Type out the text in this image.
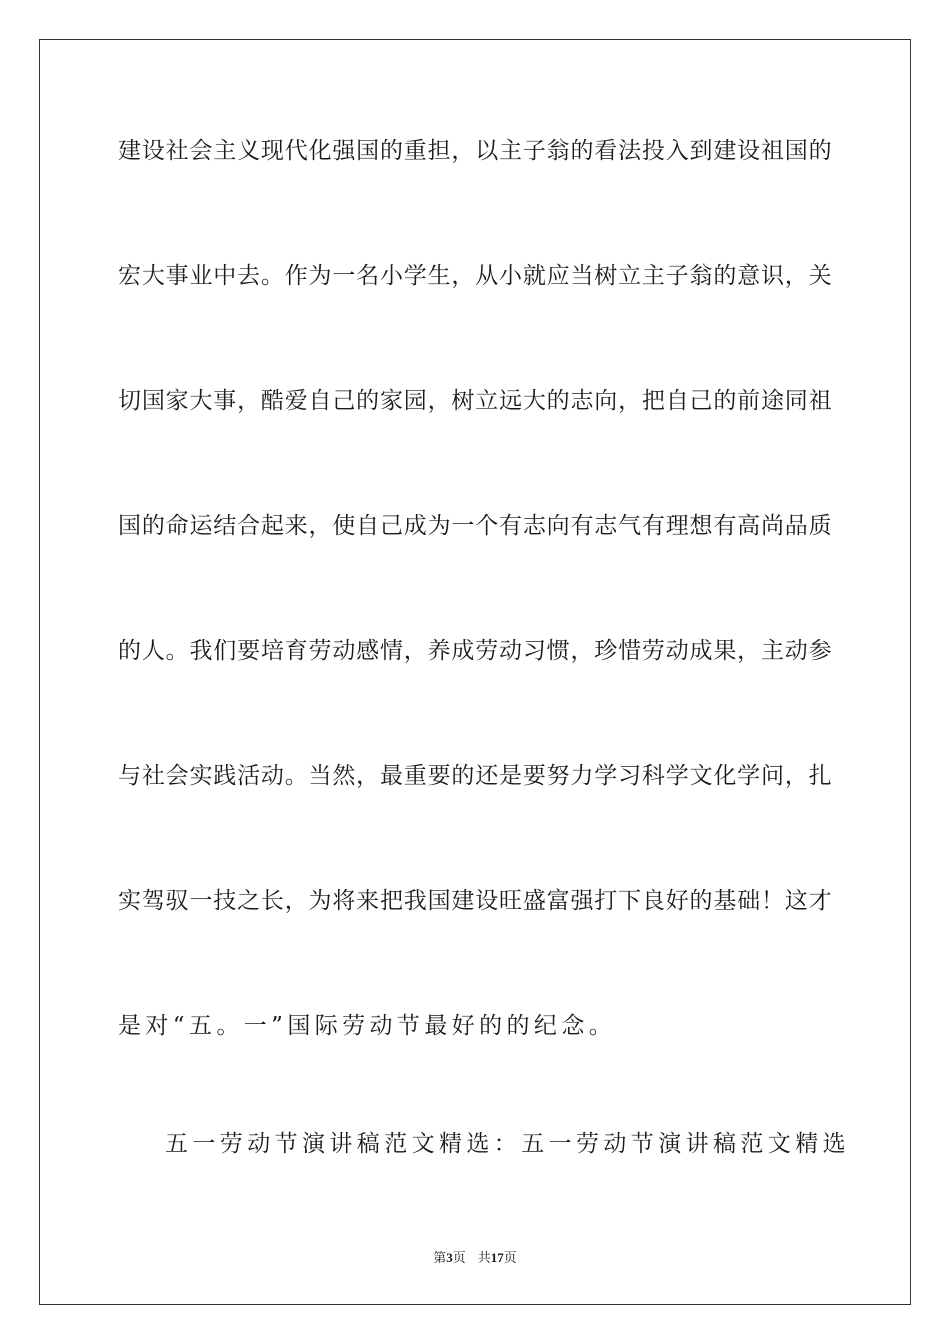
建 设 社 会 主 义 现 代 化 强 国 的 重 担 ， 以 主 子 翁 的 看 法 投 入 到 建 设 祖 国 的
宏 大 事 业 中 去 。 作 为 一 名 小 学 生 ， 从 小 就 应 当 树 立 主 子 翁 的 意 识 ， 关
切 国 家 大 事 ， 酷 爱 自 己 的 家 园 ， 树 立 远 大 的 志 向 ， 把 自 己 的 前 途 同 祖
国 的 命 运 结 合 起 来 ， 使 自 己 成 为 一 个 有 志 向 有 志 气 有 理 想 有 高 尚 品 质
的 人 。 我 们 要 培 育 劳 动 感 情 ， 养 成 劳 动 习 惯 ， 珍 惜 劳 动 成 果 ， 主 动 参
与 社 会 实 践 活 动 。 当 然 ， 最 重 要 的 还 是 要 努 力 学 习 科 学 文 化 学 问 ， 扎
实 驾 驭 一 技 之 长 ， 为 将 来 把 我 国 建 设 旺 盛 富 强 打 下 良 好 的 基 础 ！ 这 才
是对“五。一”国际劳动节最好的的纪念。
五一劳动节演讲稿范文精选：五一劳动节演讲稿范文精选
第3页 共17页
